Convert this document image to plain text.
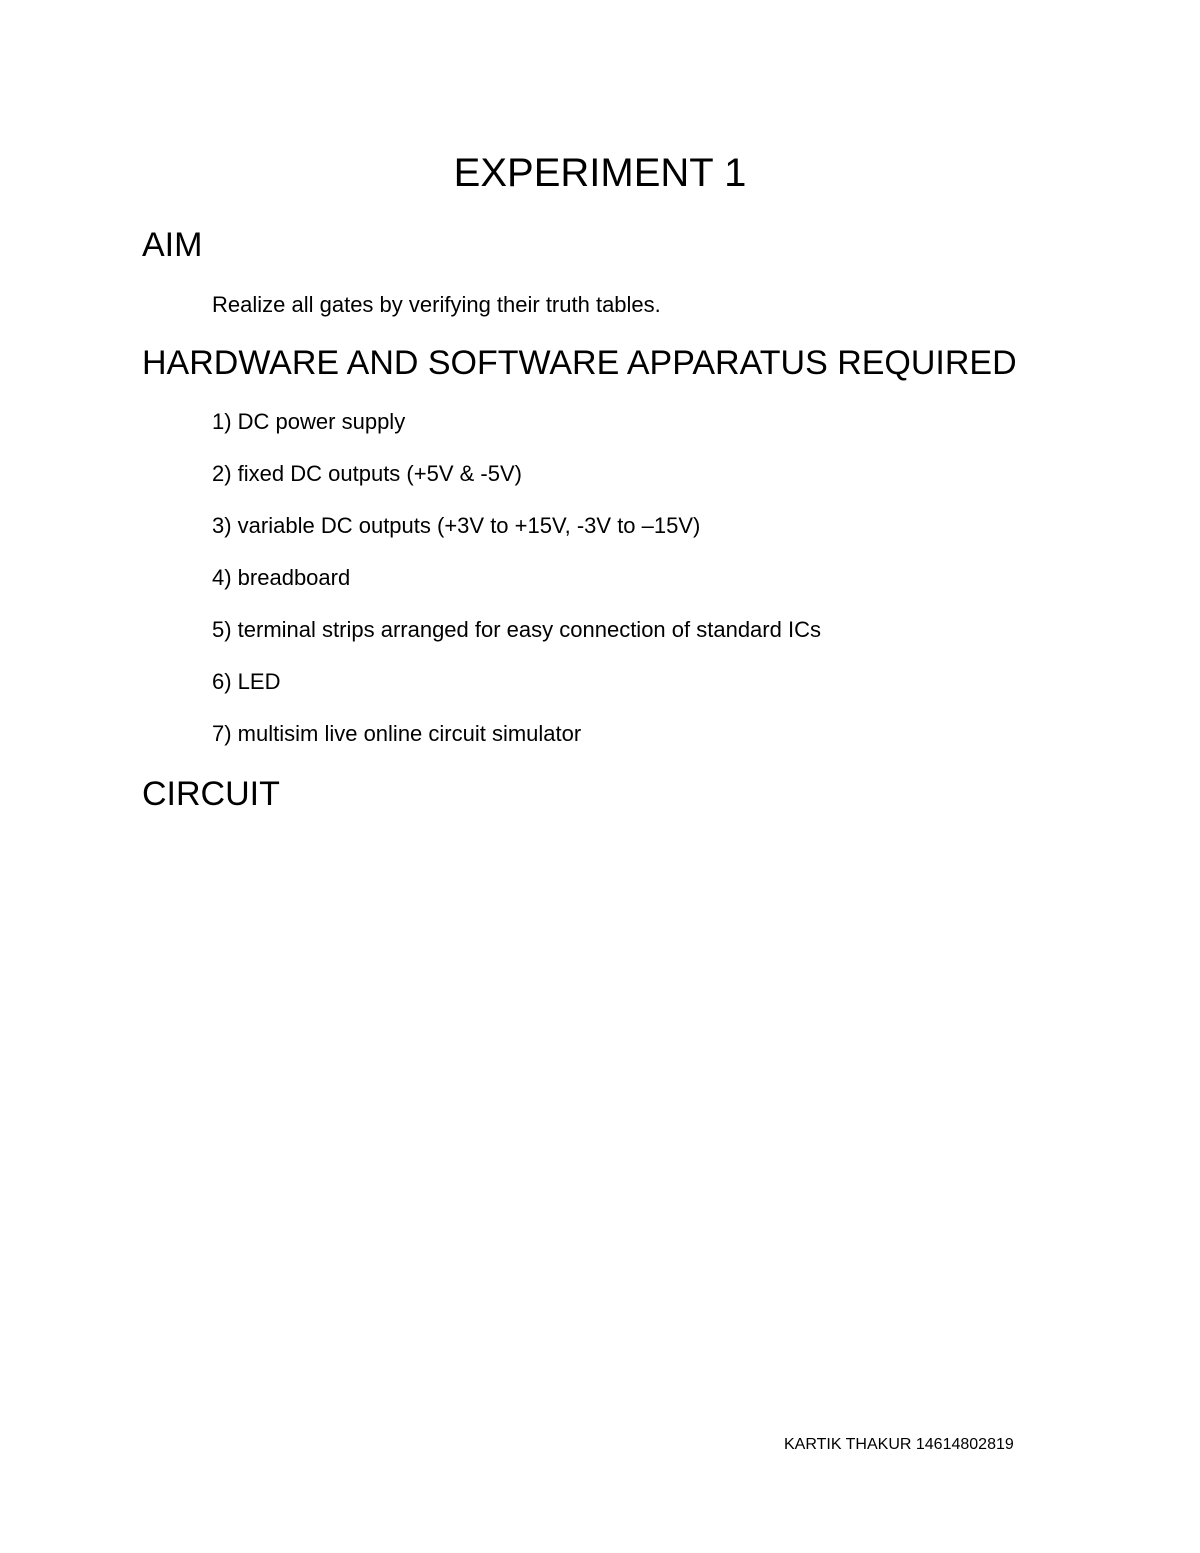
EXPERIMENT 1
AIM

Realize all gates by verifying their truth tables.

HARDWARE AND SOFTWARE APPARATUS REQUIRED
1) DC power supply
2) fixed DC outputs (+5V & -5V)
3) variable DC outputs (+3V to +15V, -3V to –15V)
4) breadboard
5) terminal strips arranged for easy connection of standard ICs
6) LED
7) multisim live online circuit simulator
CIRCUIT
KARTIK THAKUR 14614802819
